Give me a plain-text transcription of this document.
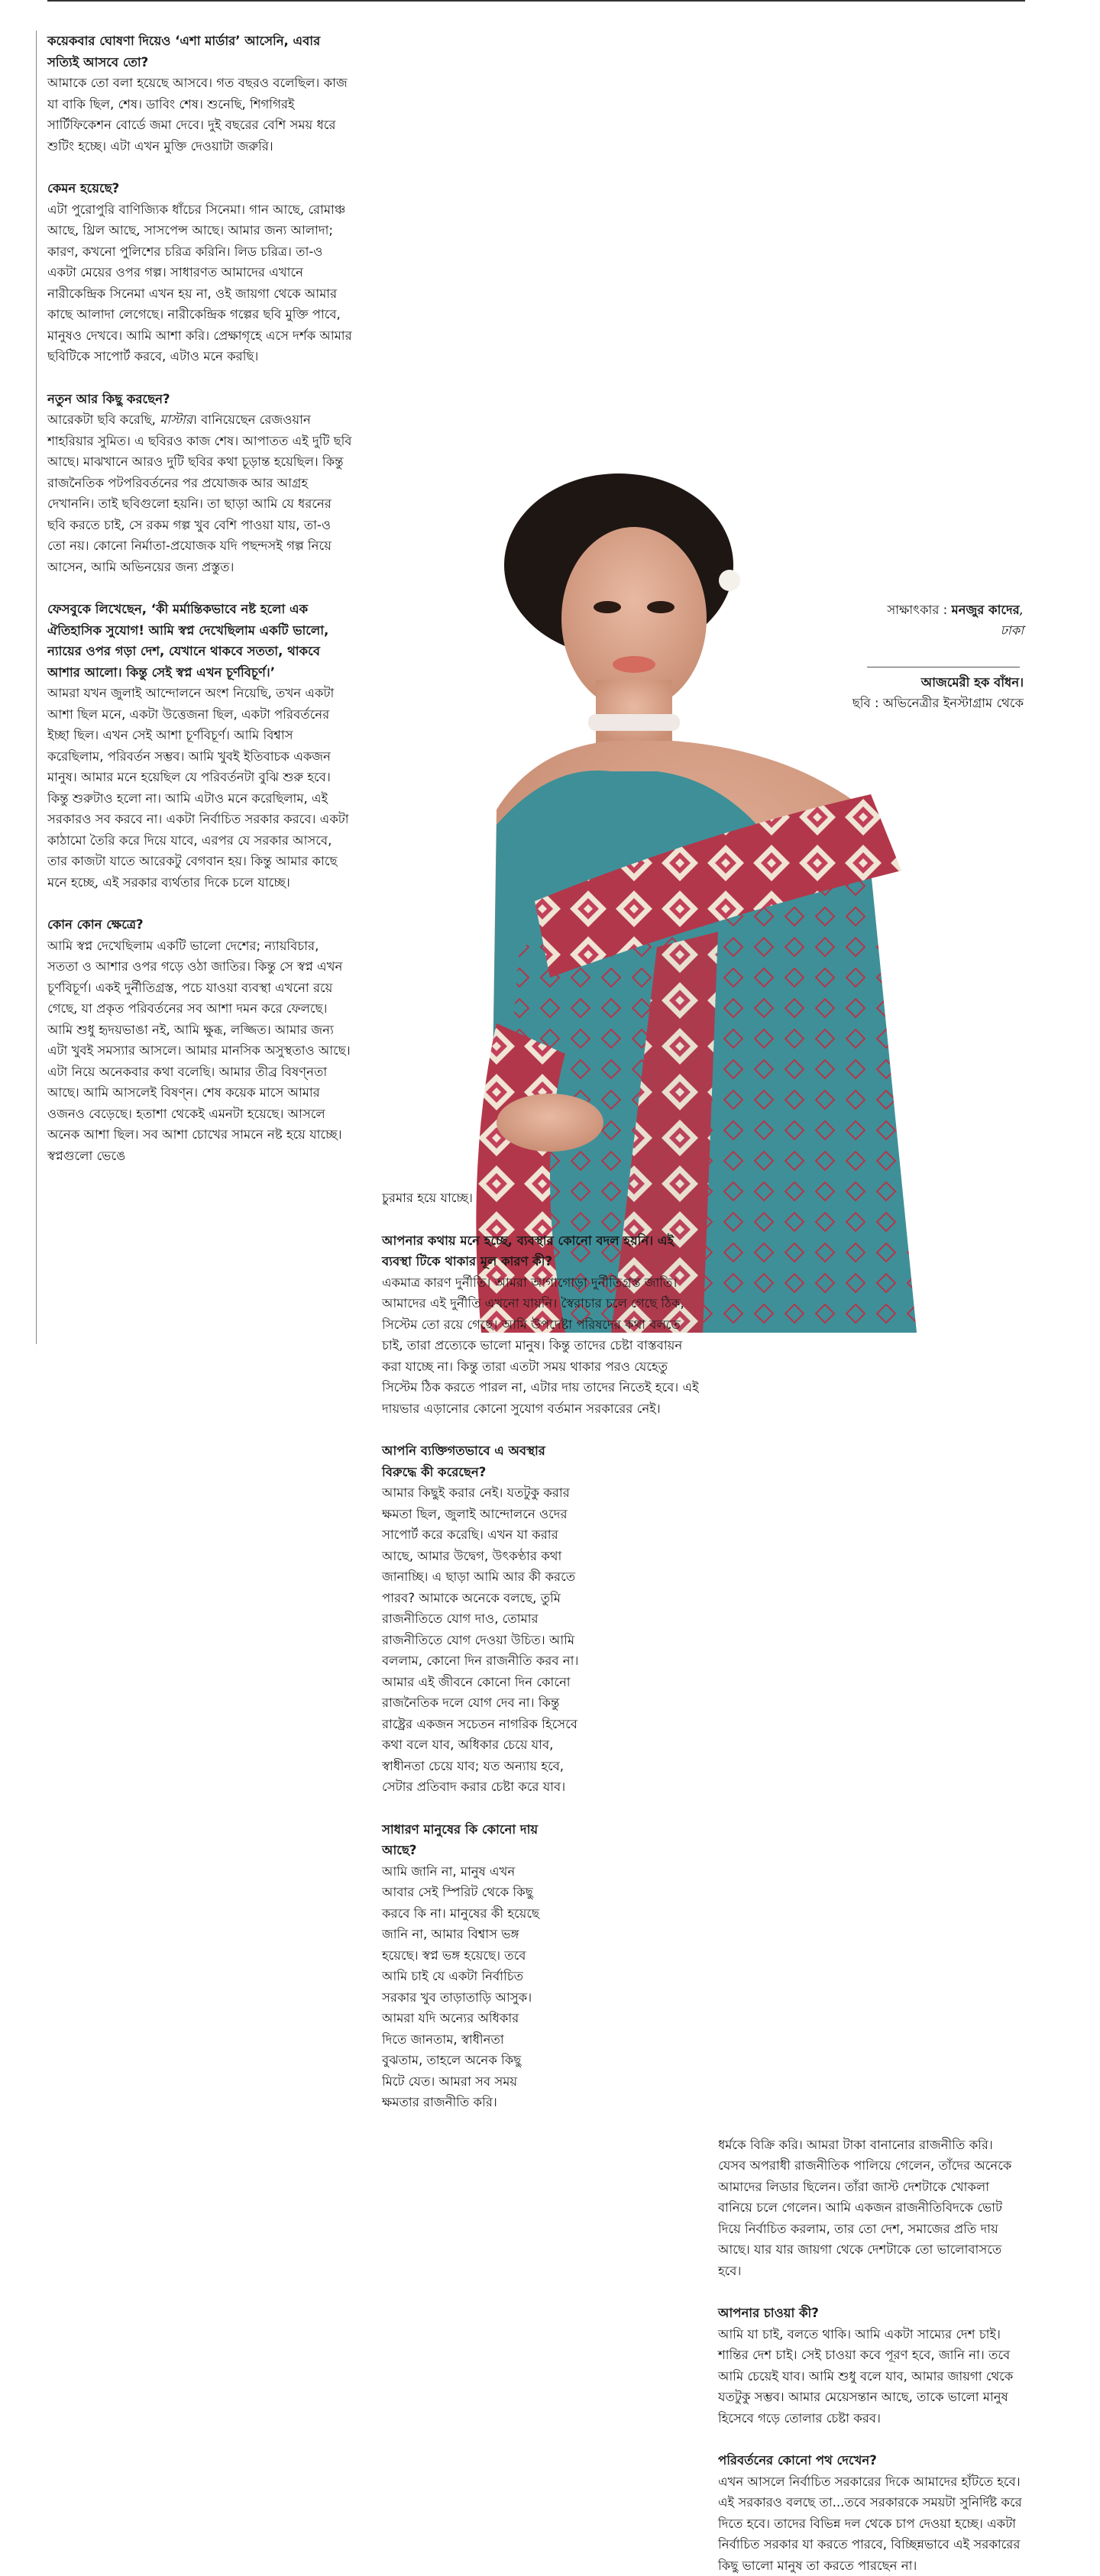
কয়েকবার ঘোষণা দিয়েও ‘এশা মার্ডার’ আসেনি, এবার সত্যিই আসবে তো?

আমাকে তো বলা হয়েছে আসবে। গত বছরও বলেছিল। কাজ যা বাকি ছিল, শেষ। ডাবিং শেষ। শুনেছি, শিগগিরই সার্টিফিকেশন বোর্ডে জমা দেবে। দুই বছরের বেশি সময় ধরে শুটিং হচ্ছে। এটা এখন মুক্তি দেওয়াটা জরুরি।

কেমন হয়েছে?

এটা পুরোপুরি বাণিজ্যিক ধাঁচের সিনেমা। গান আছে, রোমাঞ্চ আছে, থ্রিল আছে, সাসপেন্স আছে। আমার জন্য আলাদা; কারণ, কখনো পুলিশের চরিত্র করিনি। লিড চরিত্র। তা-ও একটা মেয়ের ওপর গল্প। সাধারণত আমাদের এখানে নারীকেন্দ্রিক সিনেমা এখন হয় না, ওই জায়গা থেকে আমার কাছে আলাদা লেগেছে। নারীকেন্দ্রিক গল্পের ছবি মুক্তি পাবে, মানুষও দেখবে। আমি আশা করি। প্রেক্ষাগৃহে এসে দর্শক আমার ছবিটিকে সাপোর্ট করবে, এটাও মনে করছি।

নতুন আর কিছু করছেন?

আরেকটা ছবি করেছি, মাস্টার। বানিয়েছেন রেজওয়ান শাহরিয়ার সুমিত। এ ছবিরও কাজ শেষ। আপাতত এই দুটি ছবি আছে। মাঝখানে আরও দুটি ছবির কথা চূড়ান্ত হয়েছিল। কিন্তু রাজনৈতিক পটপরিবর্তনের পর প্রযোজক আর আগ্রহ দেখাননি। তাই ছবিগুলো হয়নি। তা ছাড়া আমি যে ধরনের ছবি করতে চাই, সে রকম গল্প খুব বেশি পাওয়া যায়, তা-ও তো নয়। কোনো নির্মাতা-প্রযোজক যদি পছন্দসই গল্প নিয়ে আসেন, আমি অভিনয়ের জন্য প্রস্তুত।

ফেসবুকে লিখেছেন, ‘কী মর্মান্তিকভাবে নষ্ট হলো এক ঐতিহাসিক সুযোগ! আমি স্বপ্ন দেখেছিলাম একটি ভালো, ন্যায়ের ওপর গড়া দেশ, যেখানে থাকবে সততা, থাকবে আশার আলো। কিন্তু সেই স্বপ্ন এখন চূর্ণবিচূর্ণ।’

আমরা যখন জুলাই আন্দোলনে অংশ নিয়েছি, তখন একটা আশা ছিল মনে, একটা উত্তেজনা ছিল, একটা পরিবর্তনের ইচ্ছা ছিল। এখন সেই আশা চূর্ণবিচূর্ণ। আমি বিশ্বাস করেছিলাম, পরিবর্তন সম্ভব। আমি খুবই ইতিবাচক একজন মানুষ। আমার মনে হয়েছিল যে পরিবর্তনটা বুঝি শুরু হবে। কিন্তু শুরুটাও হলো না। আমি এটাও মনে করেছিলাম, এই সরকারও সব করবে না। একটা নির্বাচিত সরকার করবে। একটা কাঠামো তৈরি করে দিয়ে যাবে, এরপর যে সরকার আসবে, তার কাজটা যাতে আরেকটু বেগবান হয়। কিন্তু আমার কাছে মনে হচ্ছে, এই সরকার ব্যর্থতার দিকে চলে যাচ্ছে।

কোন কোন ক্ষেত্রে?

আমি স্বপ্ন দেখেছিলাম একটি ভালো দেশের; ন্যায়বিচার, সততা ও আশার ওপর গড়ে ওঠা জাতির। কিন্তু সে স্বপ্ন এখন চূর্ণবিচূর্ণ। একই দুর্নীতিগ্রস্ত, পচে যাওয়া ব্যবস্থা এখনো রয়ে গেছে, যা প্রকৃত পরিবর্তনের সব আশা দমন করে ফেলছে। আমি শুধু হৃদয়ভাঙা নই, আমি ক্ষুব্ধ, লজ্জিত। আমার জন্য এটা খুবই সমস্যার আসলে। আমার মানসিক অসুস্থতাও আছে। এটা নিয়ে অনেকবার কথা বলেছি। আমার তীব্র বিষণ্নতা আছে। আমি আসলেই বিষণ্ন। শেষ কয়েক মাসে আমার ওজনও বেড়েছে। হতাশা থেকেই এমনটা হয়েছে। আসলে অনেক আশা ছিল। সব আশা চোখের সামনে নষ্ট হয়ে যাচ্ছে। স্বপ্নগুলো ভেঙে

চুরমার হয়ে যাচ্ছে।

আপনার কথায় মনে হচ্ছে, ব্যবস্থার কোনো বদল হয়নি। এই ব্যবস্থা টিকে থাকার মূল কারণ কী?

একমাত্র কারণ দুর্নীতি। আমরা আগাগোড়া দুর্নীতিগ্রস্ত জাতি। আমাদের এই দুর্নীতি এখনো যায়নি। স্বৈরাচার চলে গেছে ঠিক, সিস্টেম তো রয়ে গেছে। আমি উপদেষ্টা পরিষদের কথা বলতে চাই, তারা প্রত্যেকে ভালো মানুষ। কিন্তু তাদের চেষ্টা বাস্তবায়ন করা যাচ্ছে না। কিন্তু তারা এতটা সময় থাকার পরও যেহেতু সিস্টেম ঠিক করতে পারল না, এটার দায় তাদের নিতেই হবে। এই দায়ভার এড়ানোর কোনো সুযোগ বর্তমান সরকারের নেই।

আপনি ব্যক্তিগতভাবে এ অবস্থার বিরুদ্ধে কী করেছেন?

আমার কিছুই করার নেই। যতটুকু করার ক্ষমতা ছিল, জুলাই আন্দোলনে ওদের সাপোর্ট করে করেছি। এখন যা করার আছে, আমার উদ্বেগ, উৎকণ্ঠার কথা জানাচ্ছি। এ ছাড়া আমি আর কী করতে পারব? আমাকে অনেকে বলছে, তুমি রাজনীতিতে যোগ দাও, তোমার রাজনীতিতে যোগ দেওয়া উচিত। আমি বললাম, কোনো দিন রাজনীতি করব না। আমার এই জীবনে কোনো দিন কোনো রাজনৈতিক দলে যোগ দেব না। কিন্তু রাষ্ট্রের একজন সচেতন নাগরিক হিসেবে কথা বলে যাব, অধিকার চেয়ে যাব, স্বাধীনতা চেয়ে যাব; যত অন্যায় হবে, সেটার প্রতিবাদ করার চেষ্টা করে যাব।

সাধারণ মানুষের কি কোনো দায় আছে?

আমি জানি না, মানুষ এখন আবার সেই স্পিরিট থেকে কিছু করবে কি না। মানুষের কী হয়েছে জানি না, আমার বিশ্বাস ভঙ্গ হয়েছে। স্বপ্ন ভঙ্গ হয়েছে। তবে আমি চাই যে একটা নির্বাচিত সরকার খুব তাড়াতাড়ি আসুক। আমরা যদি অন্যের অধিকার দিতে জানতাম, স্বাধীনতা বুঝতাম, তাহলে অনেক কিছু মিটে যেত। আমরা সব সময় ক্ষমতার রাজনীতি করি।

ধর্মকে বিক্রি করি। আমরা টাকা বানানোর রাজনীতি করি। যেসব অপরাধী রাজনীতিক পালিয়ে গেলেন, তাঁদের অনেকে আমাদের লিডার ছিলেন। তাঁরা জাস্ট দেশটাকে খোকলা বানিয়ে চলে গেলেন। আমি একজন রাজনীতিবিদকে ভোট দিয়ে নির্বাচিত করলাম, তার তো দেশ, সমাজের প্রতি দায় আছে। যার যার জায়গা থেকে দেশটাকে তো ভালোবাসতে হবে।

আপনার চাওয়া কী?

আমি যা চাই, বলতে থাকি। আমি একটা সাম্যের দেশ চাই। শান্তির দেশ চাই। সেই চাওয়া কবে পূরণ হবে, জানি না। তবে আমি চেয়েই যাব। আমি শুধু বলে যাব, আমার জায়গা থেকে যতটুকু সম্ভব। আমার মেয়েসন্তান আছে, তাকে ভালো মানুষ হিসেবে গড়ে তোলার চেষ্টা করব।

পরিবর্তনের কোনো পথ দেখেন?

এখন আসলে নির্বাচিত সরকারের দিকে আমাদের হাঁটতে হবে। এই সরকারও বলছে তা...তবে সরকারকে সময়টা সুনির্দিষ্ট করে দিতে হবে। তাদের বিভিন্ন দল থেকে চাপ দেওয়া হচ্ছে। একটা নির্বাচিত সরকার যা করতে পারবে, বিচ্ছিন্নভাবে এই সরকারের কিছু ভালো মানুষ তা করতে পারছেন না।

সাক্ষাৎকার : মনজুর কাদের, ঢাকা
আজমেরী হক বাঁধন।
ছবি : অভিনেত্রীর ইনস্টাগ্রাম থেকে
